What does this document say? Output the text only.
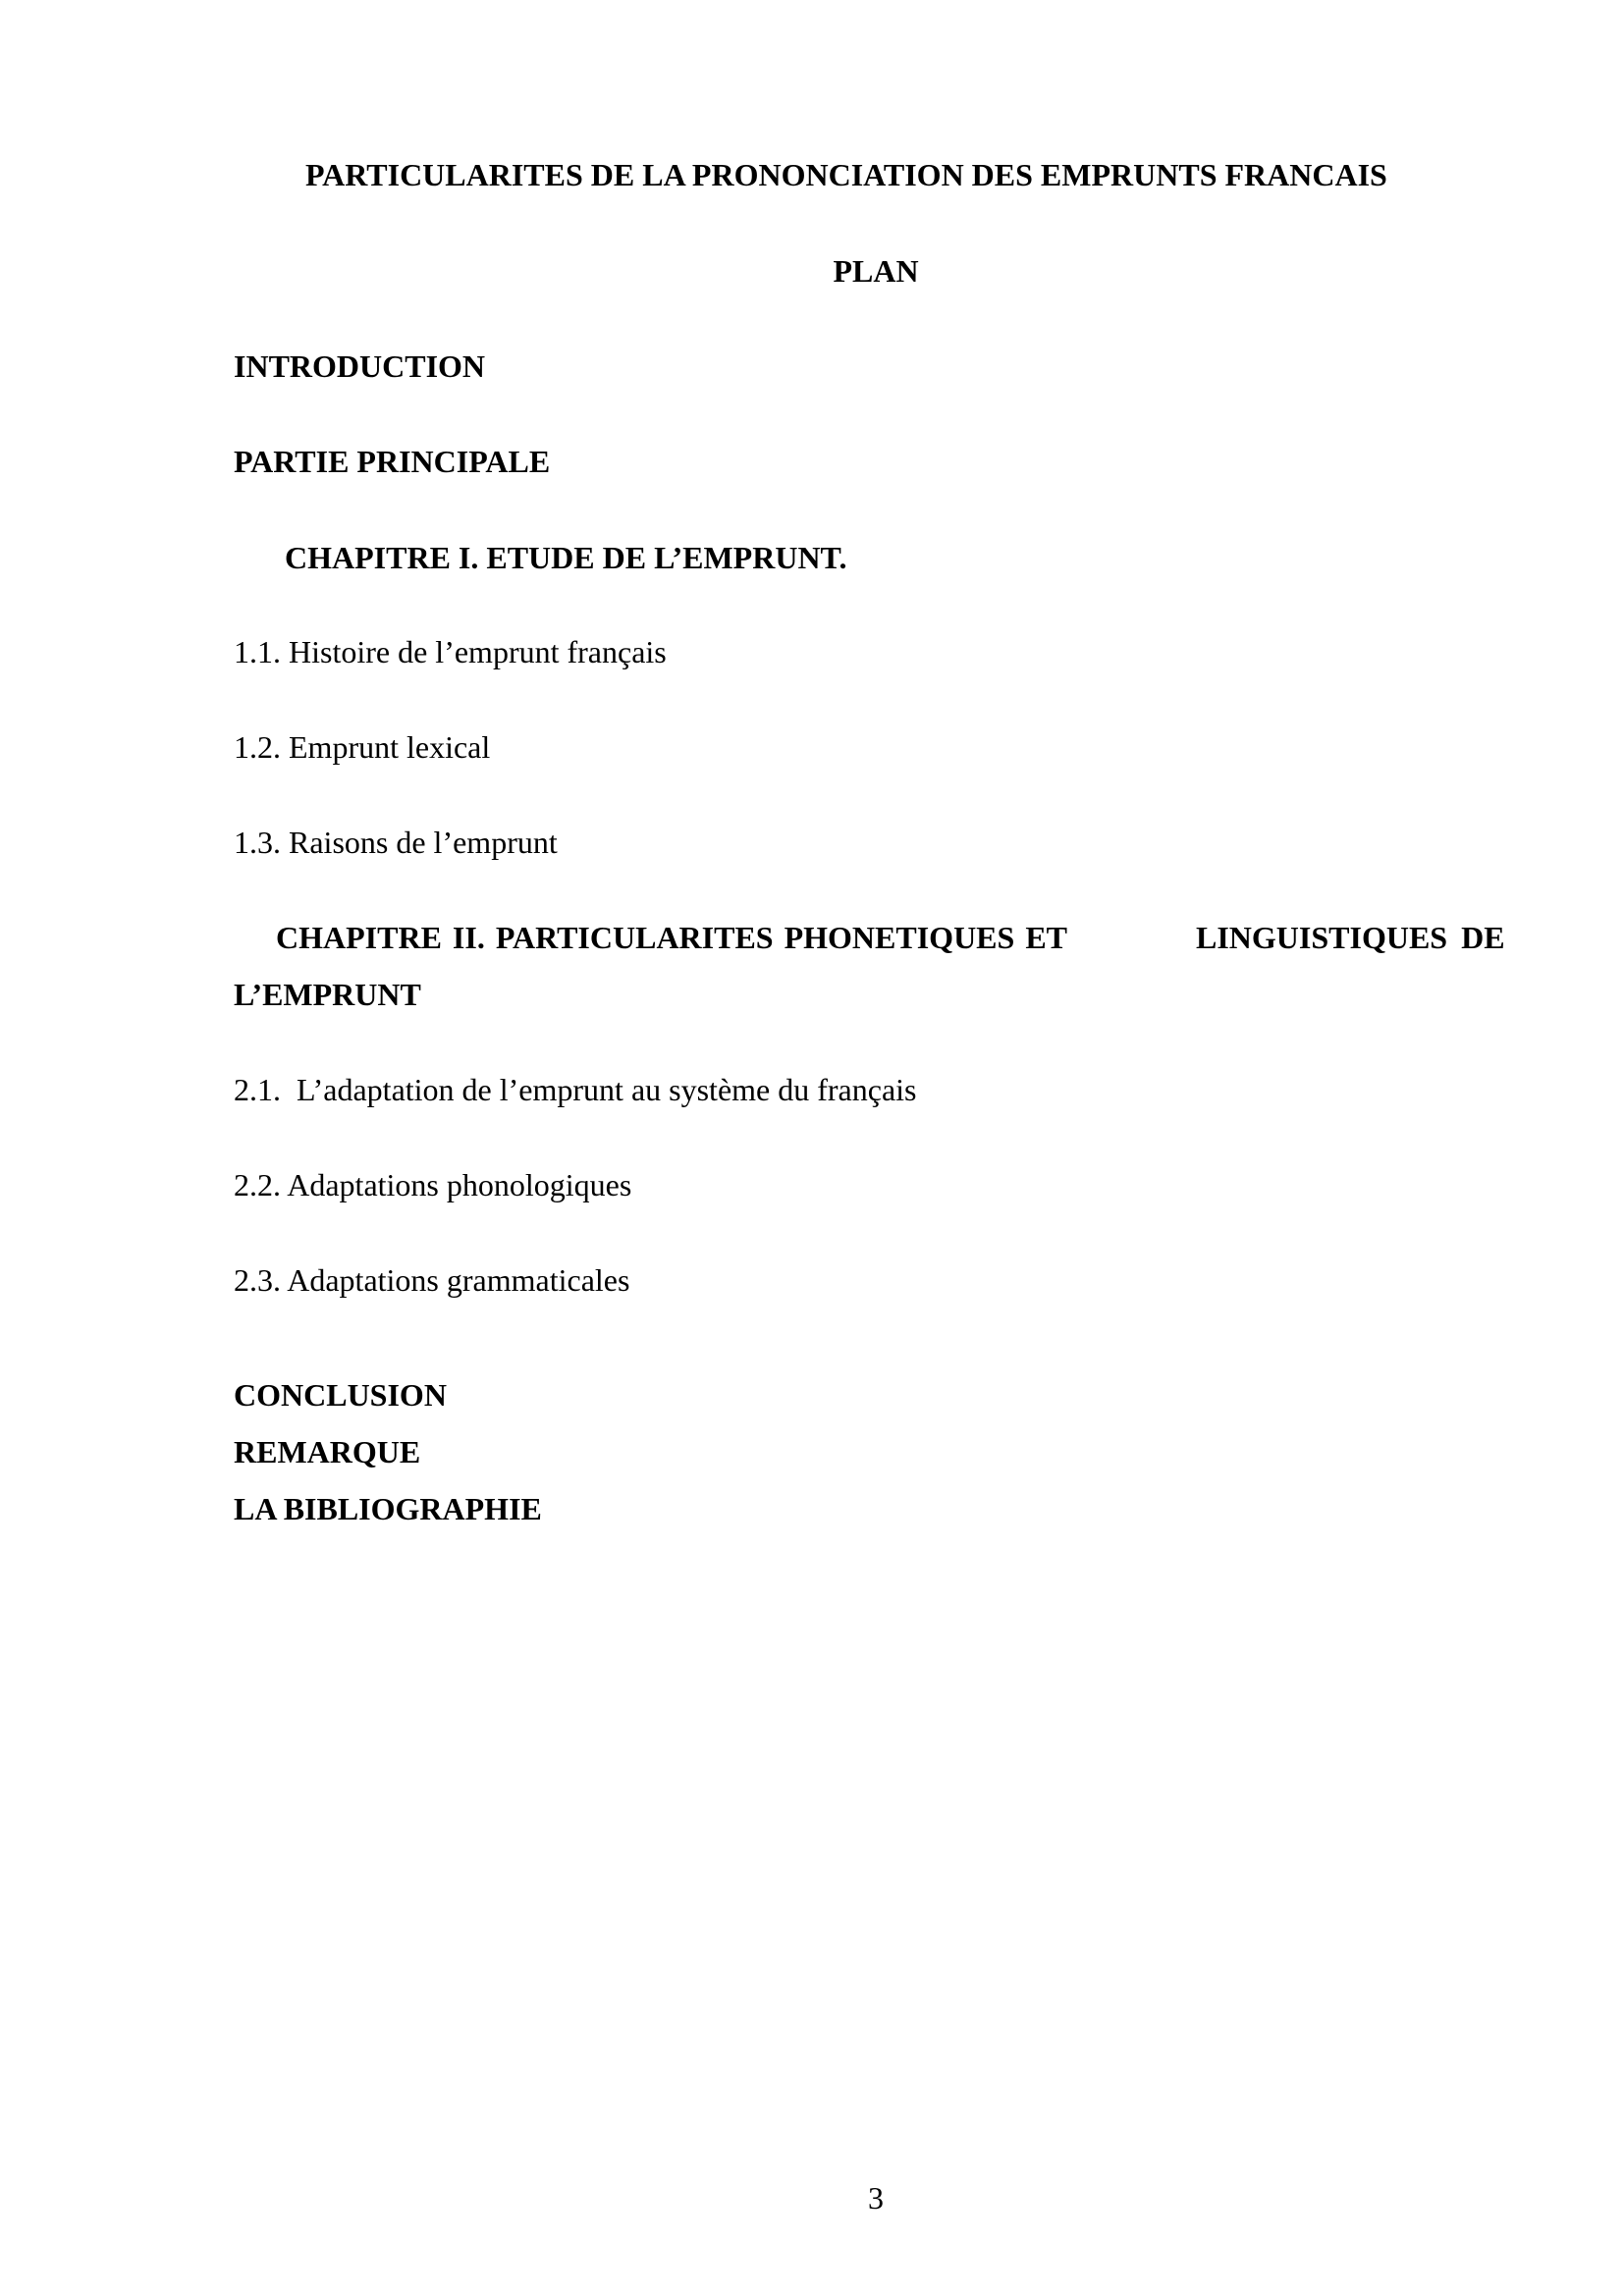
PARTICULARITES DE LA PRONONCIATION DES EMPRUNTS FRANCAIS
PLAN
INTRODUCTION
PARTIE PRINCIPALE
CHAPITRE I. ETUDE DE L’EMPRUNT.
1.1. Histoire de l’emprunt français
1.2. Emprunt lexical
1.3. Raisons de l’emprunt
CHAPITRE II. PARTICULARITES PHONETIQUES ET	LINGUISTIQUES DE
L’EMPRUNT
2.1.  L’adaptation de l’emprunt au système du français
2.2. Adaptations phonologiques
2.3. Adaptations grammaticales
CONCLUSION
REMARQUE
LA BIBLIOGRAPHIE
3
